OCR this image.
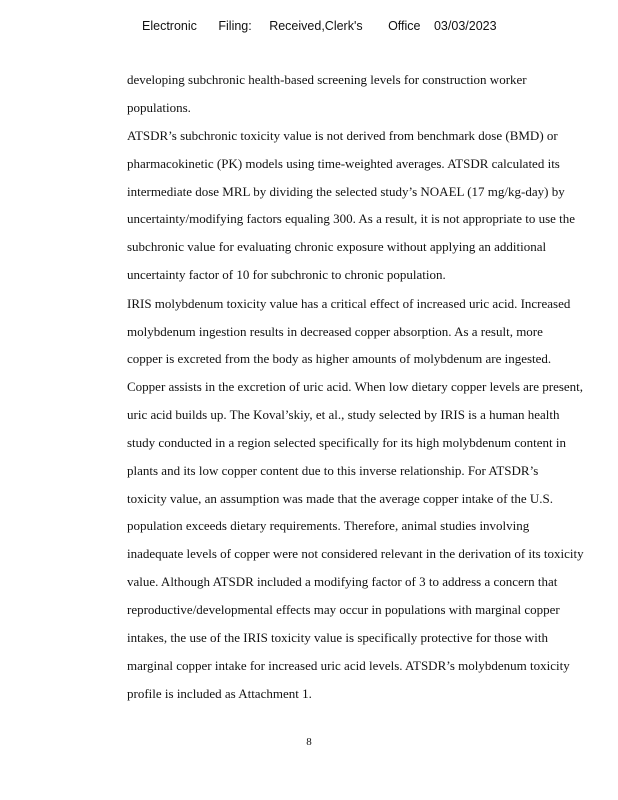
Electronic Filing: Received,Clerk's Office 03/03/2023
developing subchronic health-based screening levels for construction worker
populations.
ATSDR’s subchronic toxicity value is not derived from benchmark dose (BMD) or
pharmacokinetic (PK) models using time-weighted averages. ATSDR calculated its
intermediate dose MRL by dividing the selected study’s NOAEL (17 mg/kg-day) by
uncertainty/modifying factors equaling 300. As a result, it is not appropriate to use the
subchronic value for evaluating chronic exposure without applying an additional
uncertainty factor of 10 for subchronic to chronic population.
IRIS molybdenum toxicity value has a critical effect of increased uric acid. Increased
molybdenum ingestion results in decreased copper absorption. As a result, more
copper is excreted from the body as higher amounts of molybdenum are ingested.
Copper assists in the excretion of uric acid. When low dietary copper levels are present,
uric acid builds up. The Koval’skiy, et al., study selected by IRIS is a human health
study conducted in a region selected specifically for its high molybdenum content in
plants and its low copper content due to this inverse relationship. For ATSDR’s
toxicity value, an assumption was made that the average copper intake of the U.S.
population exceeds dietary requirements. Therefore, animal studies involving
inadequate levels of copper were not considered relevant in the derivation of its toxicity
value. Although ATSDR included a modifying factor of 3 to address a concern that
reproductive/developmental effects may occur in populations with marginal copper
intakes, the use of the IRIS toxicity value is specifically protective for those with
marginal copper intake for increased uric acid levels. ATSDR’s molybdenum toxicity
profile is included as Attachment 1.
8
